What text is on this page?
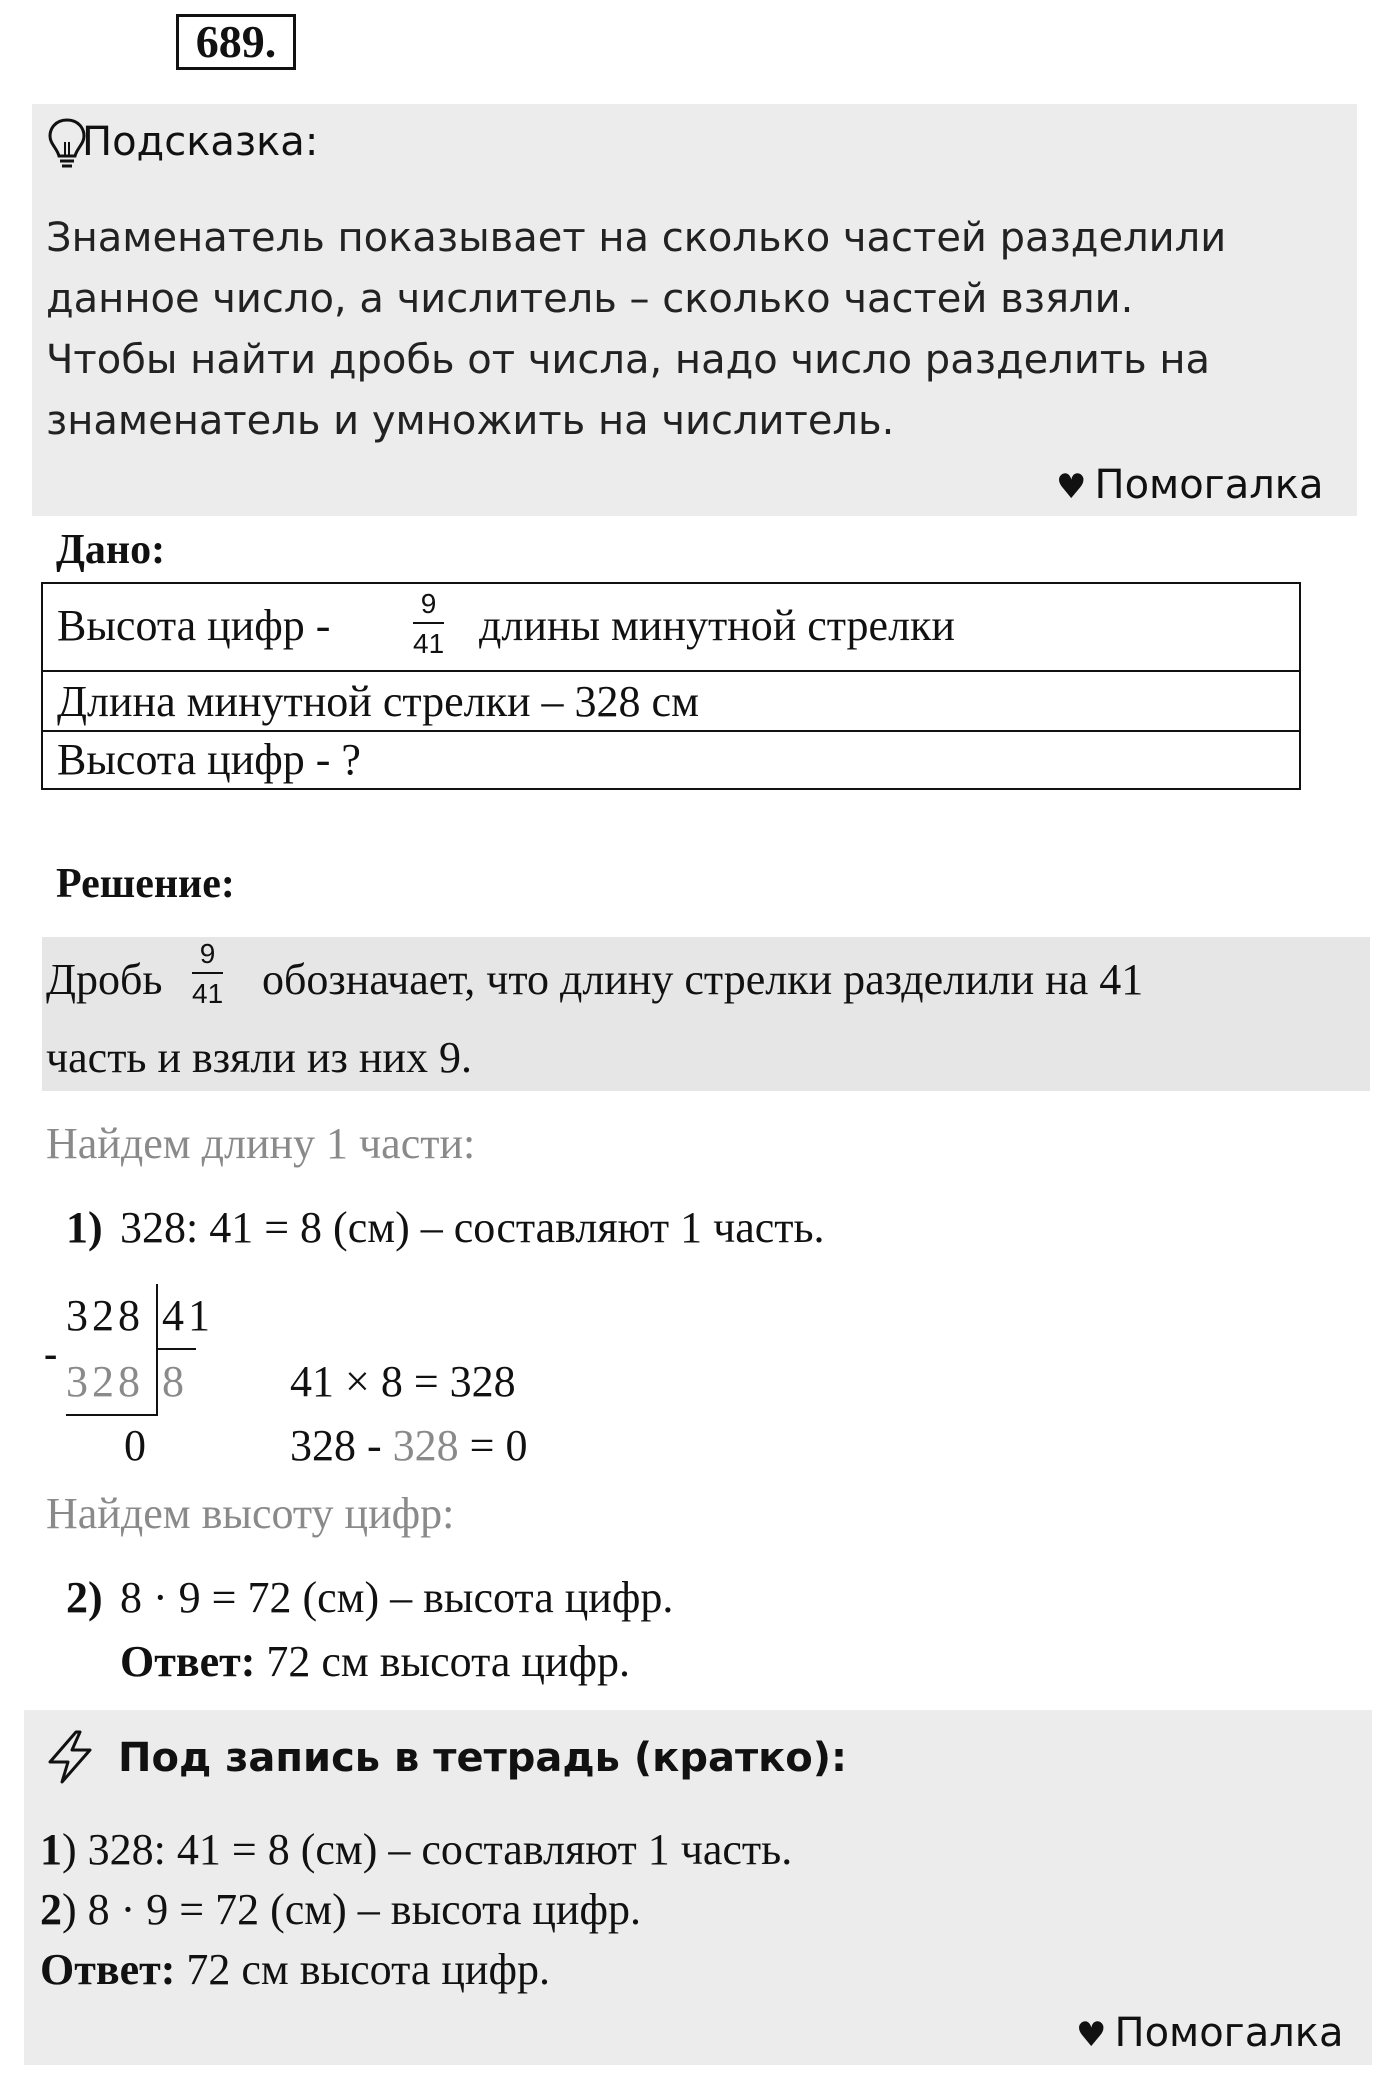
689.
Подсказка:
Знаменатель показывает на сколько частей разделили
данное число, а числитель – сколько частей взяли.
Чтобы найти дробь от числа, надо число разделить на
знаменатель и умножить на числитель.
♥ Помогалка
Дано:
Высота цифр -	9
41 длины минутной стрелки
Длина минутной стрелки – 328 см
Высота цифр - ?
Решение:
Дробь
9
41 обозначает, что длину стрелки разделили на 41
часть и взяли из них 9.
Найдем длину 1 части:
1) 328: 41 = 8 (см) – составляют 1 часть.
328 41
-
328 8
0
41 × 8 = 328
328 - 328 = 0
Найдем высоту цифр:
2) 8 · 9 = 72 (см) – высота цифр.
Ответ: 72 см высота цифр.
Под запись в тетрадь (кратко):
1) 328: 41 = 8 (см) – составляют 1 часть.
2) 8 · 9 = 72 (см) – высота цифр.
Ответ: 72 см высота цифр.
♥ Помогалка
